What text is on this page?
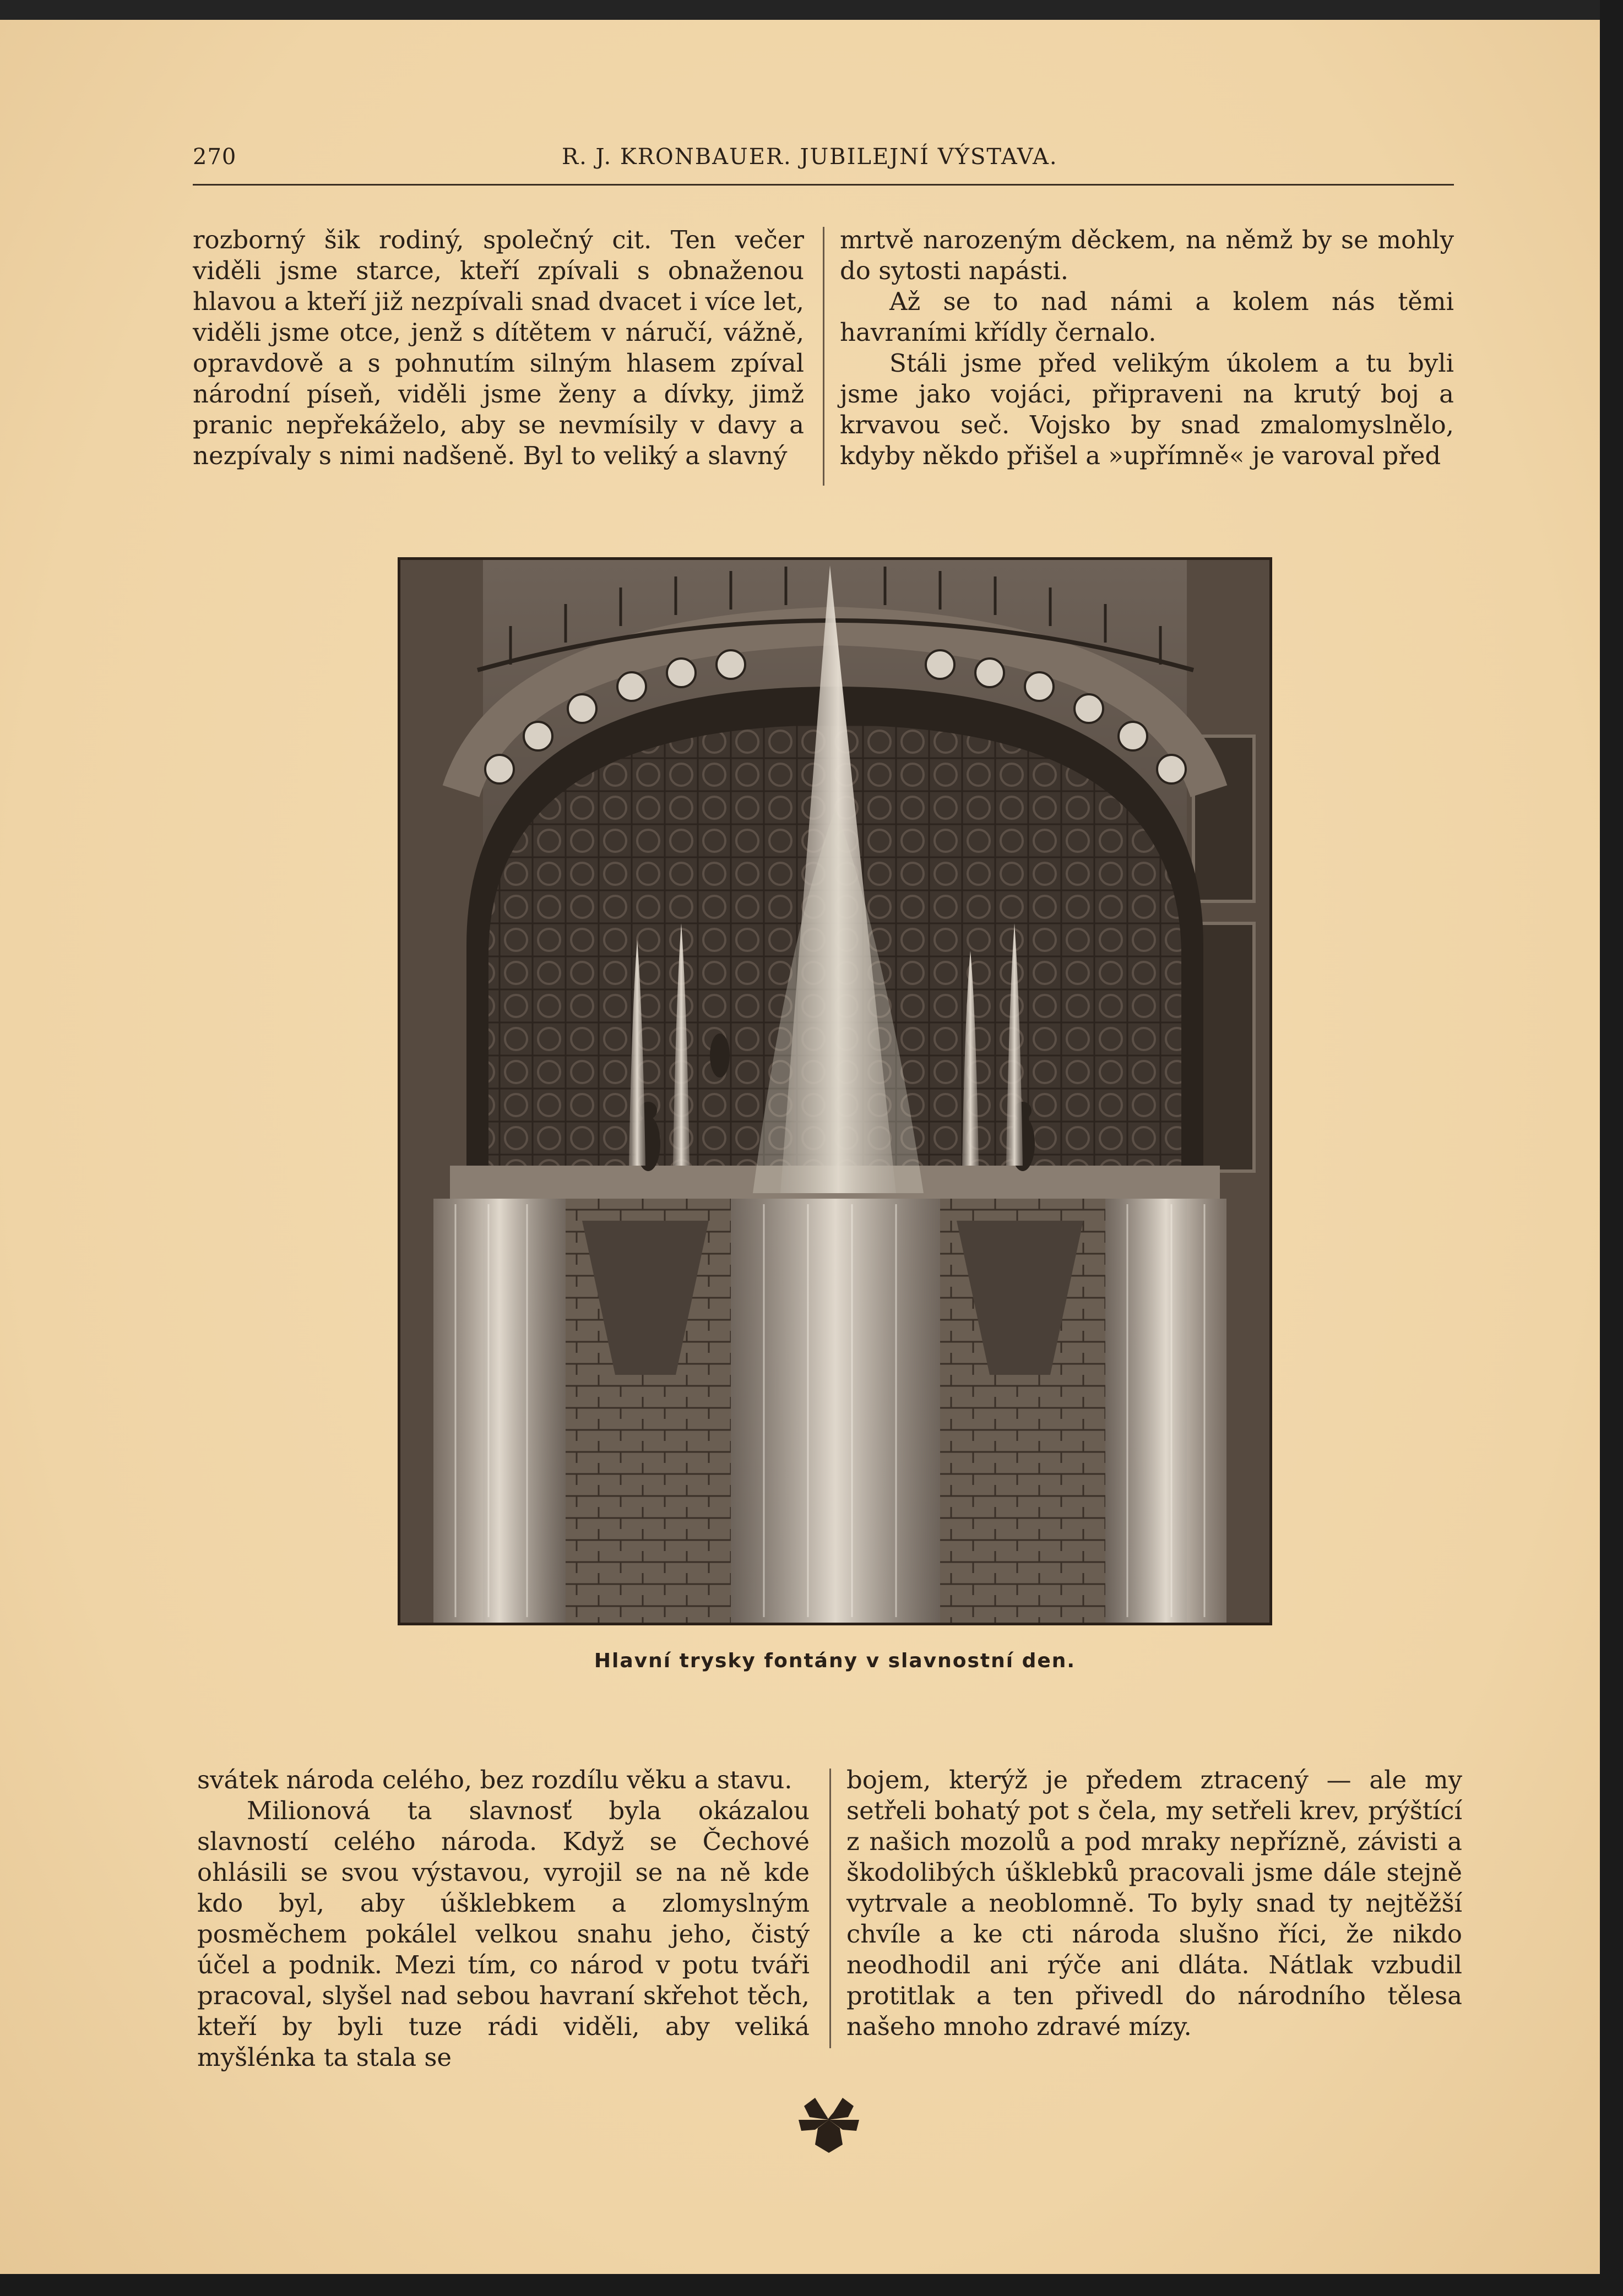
270	R. J. KRONBAUER. JUBILEJNÍ VÝSTAVA.

rozborný šik rodiný, společný cit. Ten večer viděli jsme starce, kteří zpívali s obnaženou hlavou a kteří již nezpívali snad dvacet i více let, viděli jsme otce, jenž s dítětem v náručí, vážně, opravdově a s pohnutím silným hlasem zpíval národní píseň, viděli jsme ženy a dívky, jimž pranic nepřekáželo, aby se nevmísily v davy a nezpívaly s nimi nadšeně. Byl to veliký a slavný

mrtvě narozeným děckem, na němž by se mohly do sytosti napásti.

Až se to nad námi a kolem nás těmi havraními křídly černalo.

Stáli jsme před velikým úkolem a tu byli jsme jako vojáci, připraveni na krutý boj a krvavou seč. Vojsko by snad zmalomyslnělo, kdyby někdo přišel a »upřímně« je varoval před

Hlavní trysky fontány v slavnostní den.

svátek národa celého, bez rozdílu věku a stavu.

Milionová ta slavnosť byla okázalou slavností celého národa. Když se Čechové ohlásili se svou výstavou, vyrojil se na ně kde kdo byl, aby úšklebkem a zlomyslným posměchem pokálel velkou snahu jeho, čistý účel a podnik. Mezi tím, co národ v potu tváři pracoval, slyšel nad sebou havraní skřehot těch, kteří by byli tuze rádi viděli, aby veliká myšlénka ta stala se

bojem, kterýž je předem ztracený — ale my setřeli bohatý pot s čela, my setřeli krev, prýštící z našich mozolů a pod mraky nepřízně, závisti a škodolibých úšklebků pracovali jsme dále stejně vytrvale a neoblomně. To byly snad ty nejtěžší chvíle a ke cti národa slušno říci, že nikdo neodhodil ani rýče ani dláta. Nátlak vzbudil protitlak a ten přivedl do národního tělesa našeho mnoho zdravé mízy.
